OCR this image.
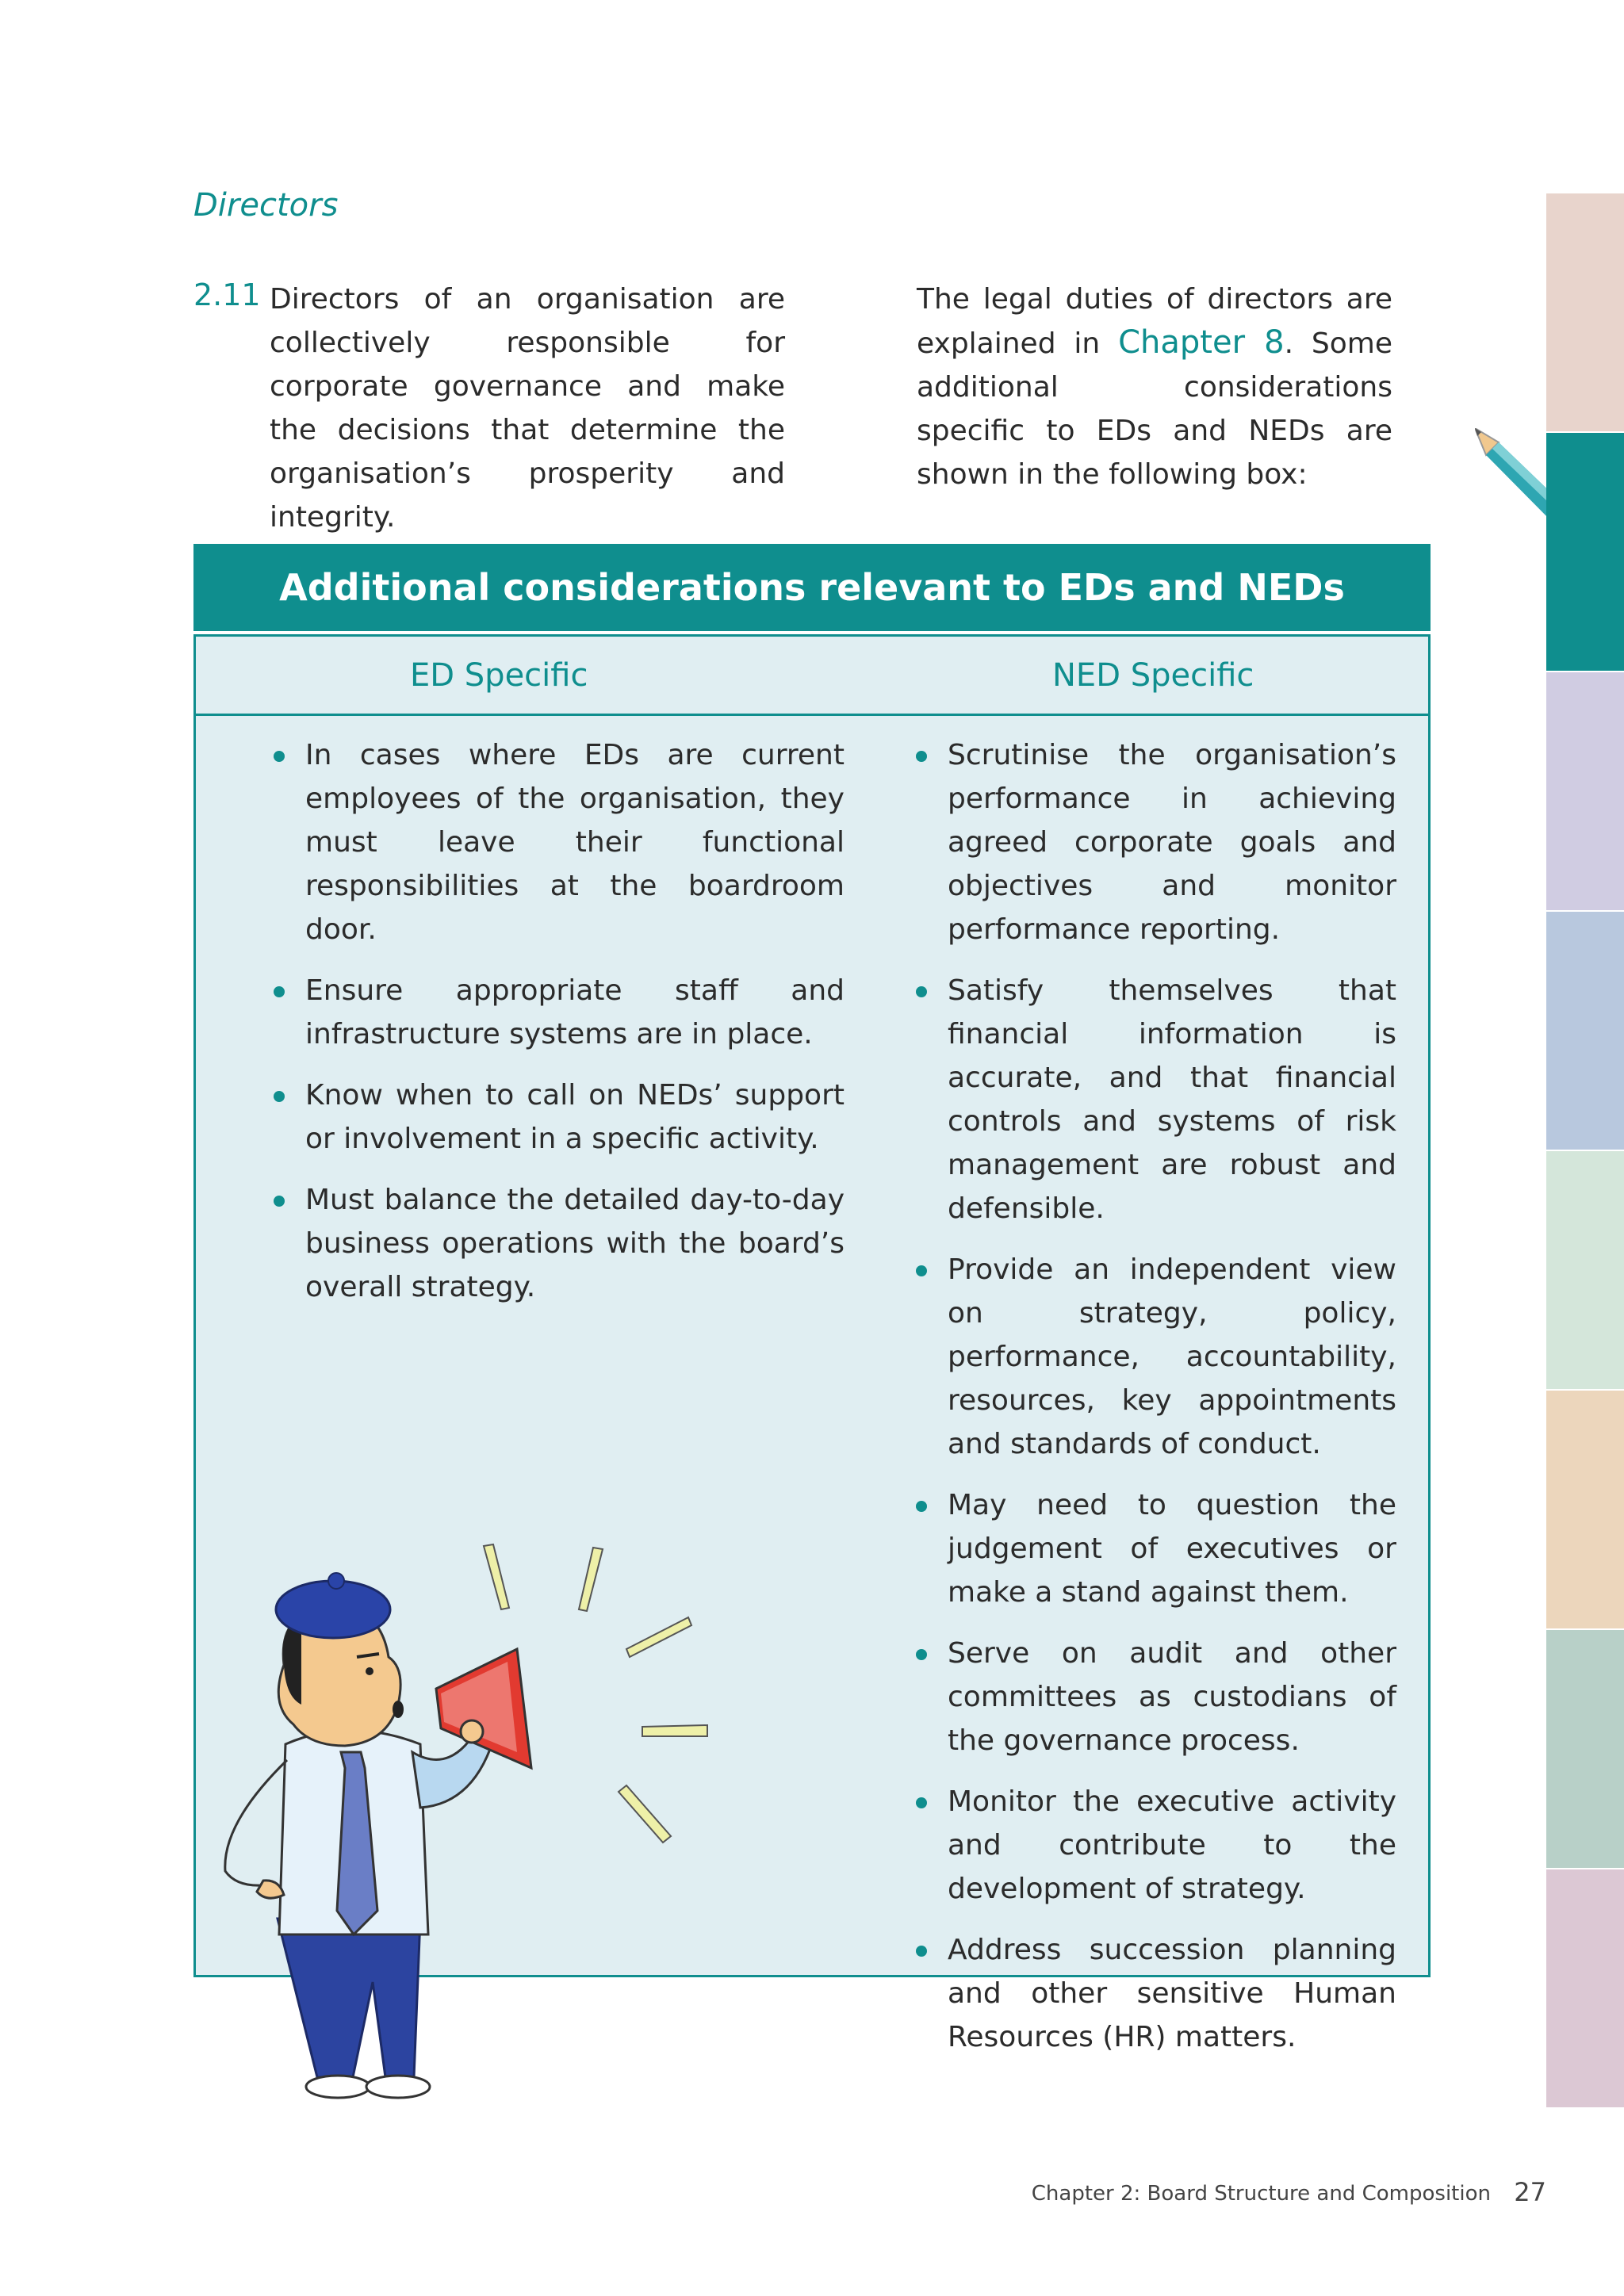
Directors
2.11 Directors of an organisation are collectively responsible for corporate governance and make the decisions that determine the organisation’s prosperity and integrity.
The legal duties of directors are explained in Chapter 8. Some additional considerations specific to EDs and NEDs are shown in the following box:
Additional considerations relevant to EDs and NEDs
ED Specific	NED Specific
In cases where EDs are current employees of the organisation, they must leave their functional responsibilities at the boardroom door.
Ensure appropriate staff and infrastructure systems are in place.
Know when to call on NEDs’ support or involvement in a specific activity.
Must balance the detailed day-to-day business operations with the board’s overall strategy.
Scrutinise the organisation’s performance in achieving agreed corporate goals and objectives and monitor performance reporting.
Satisfy themselves that financial information is accurate, and that financial controls and systems of risk management are robust and defensible.
Provide an independent view on strategy, policy, performance, accountability, resources, key appointments and standards of conduct.
May need to question the judgement of executives or make a stand against them.
Serve on audit and other committees as custodians of the governance process.
Monitor the executive activity and contribute to the development of strategy.
Address succession planning and other sensitive Human Resources (HR) matters.
Chapter 2: Board Structure and Composition 27
